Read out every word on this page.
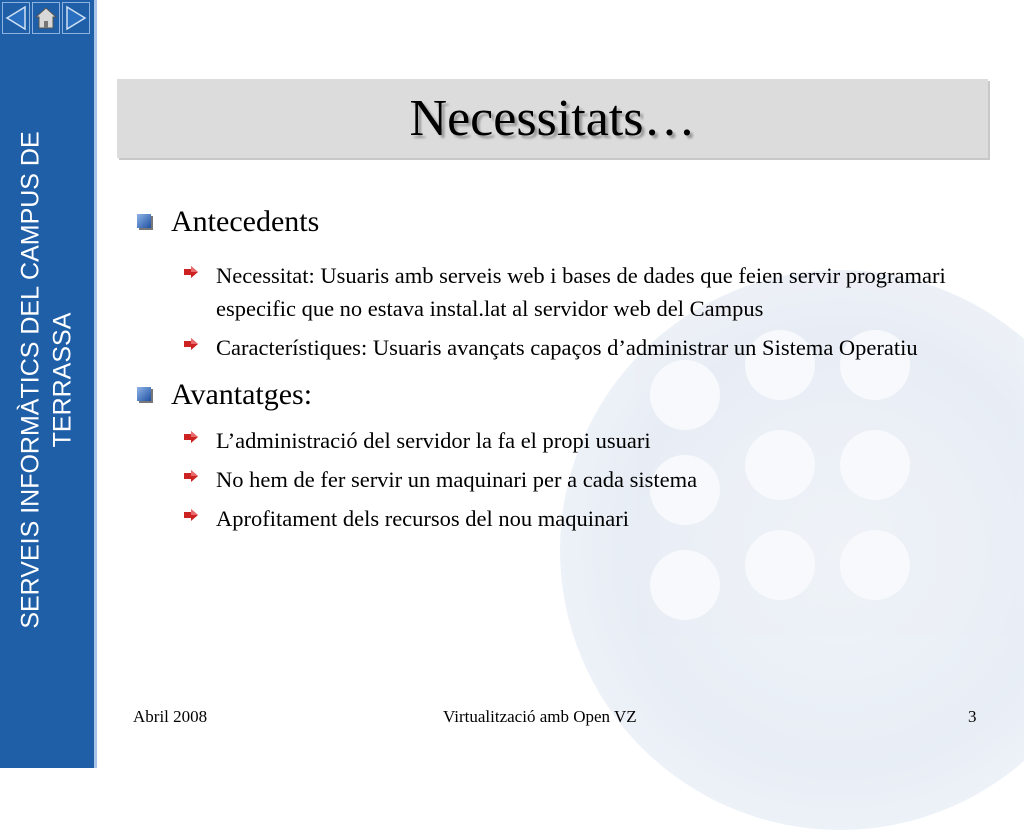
SERVEIS INFORMÀTICS DEL CAMPUS DE TERRASSA
Necessitats…
Antecedents
Necessitat: Usuaris amb serveis web i bases de dades que feien servir programari especific que no estava instal.lat al servidor web del Campus
Característiques: Usuaris avançats capaços d’administrar un Sistema Operatiu
Avantatges:
L’administració del servidor la fa el propi usuari
No hem de fer servir un maquinari per a cada sistema
Aprofitament dels recursos del nou maquinari
Abril 2008	Virtualització amb Open VZ	3
